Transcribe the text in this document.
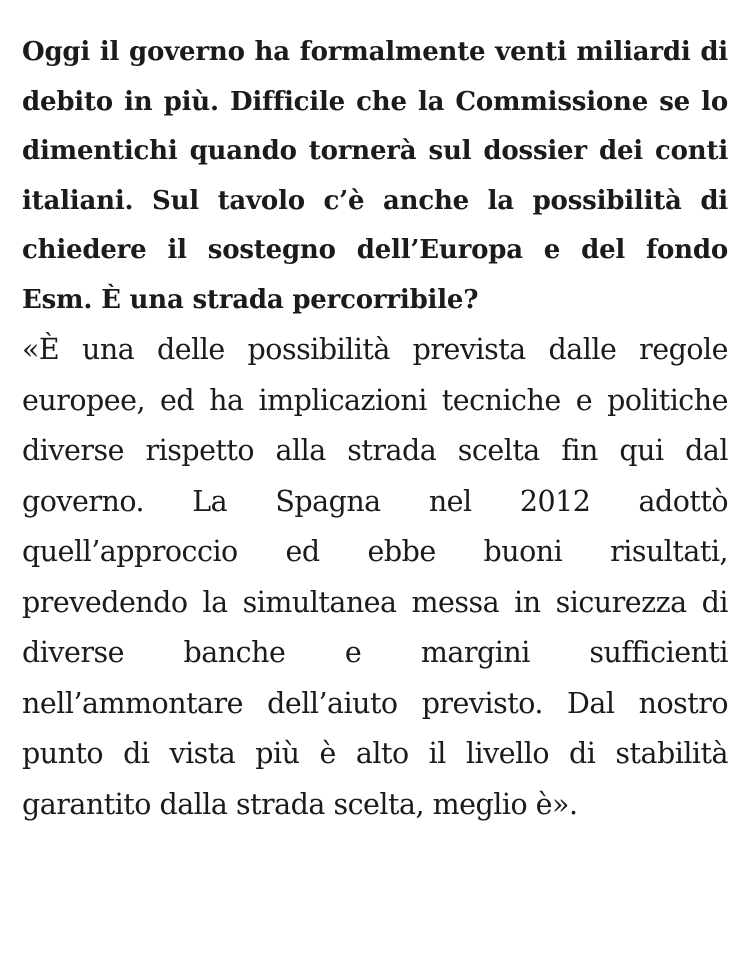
Oggi il governo ha formalmente venti miliardi di debito in più. Difficile che la Commissione se lo dimentichi quando tornerà sul dossier dei conti italiani. Sul tavolo c’è anche la possibilità di chiedere il sostegno dell’Europa e del fondo Esm. È una strada percorribile?

«È una delle possibilità prevista dalle regole europee, ed ha implicazioni tecniche e politiche diverse rispetto alla strada scelta fin qui dal governo. La Spagna nel 2012 adottò quell’approccio ed ebbe buoni risultati, prevedendo la simultanea messa in sicurezza di diverse banche e margini sufficienti nell’ammontare dell’aiuto previsto. Dal nostro punto di vista più è alto il livello di stabilità garantito dalla strada scelta, meglio è».
